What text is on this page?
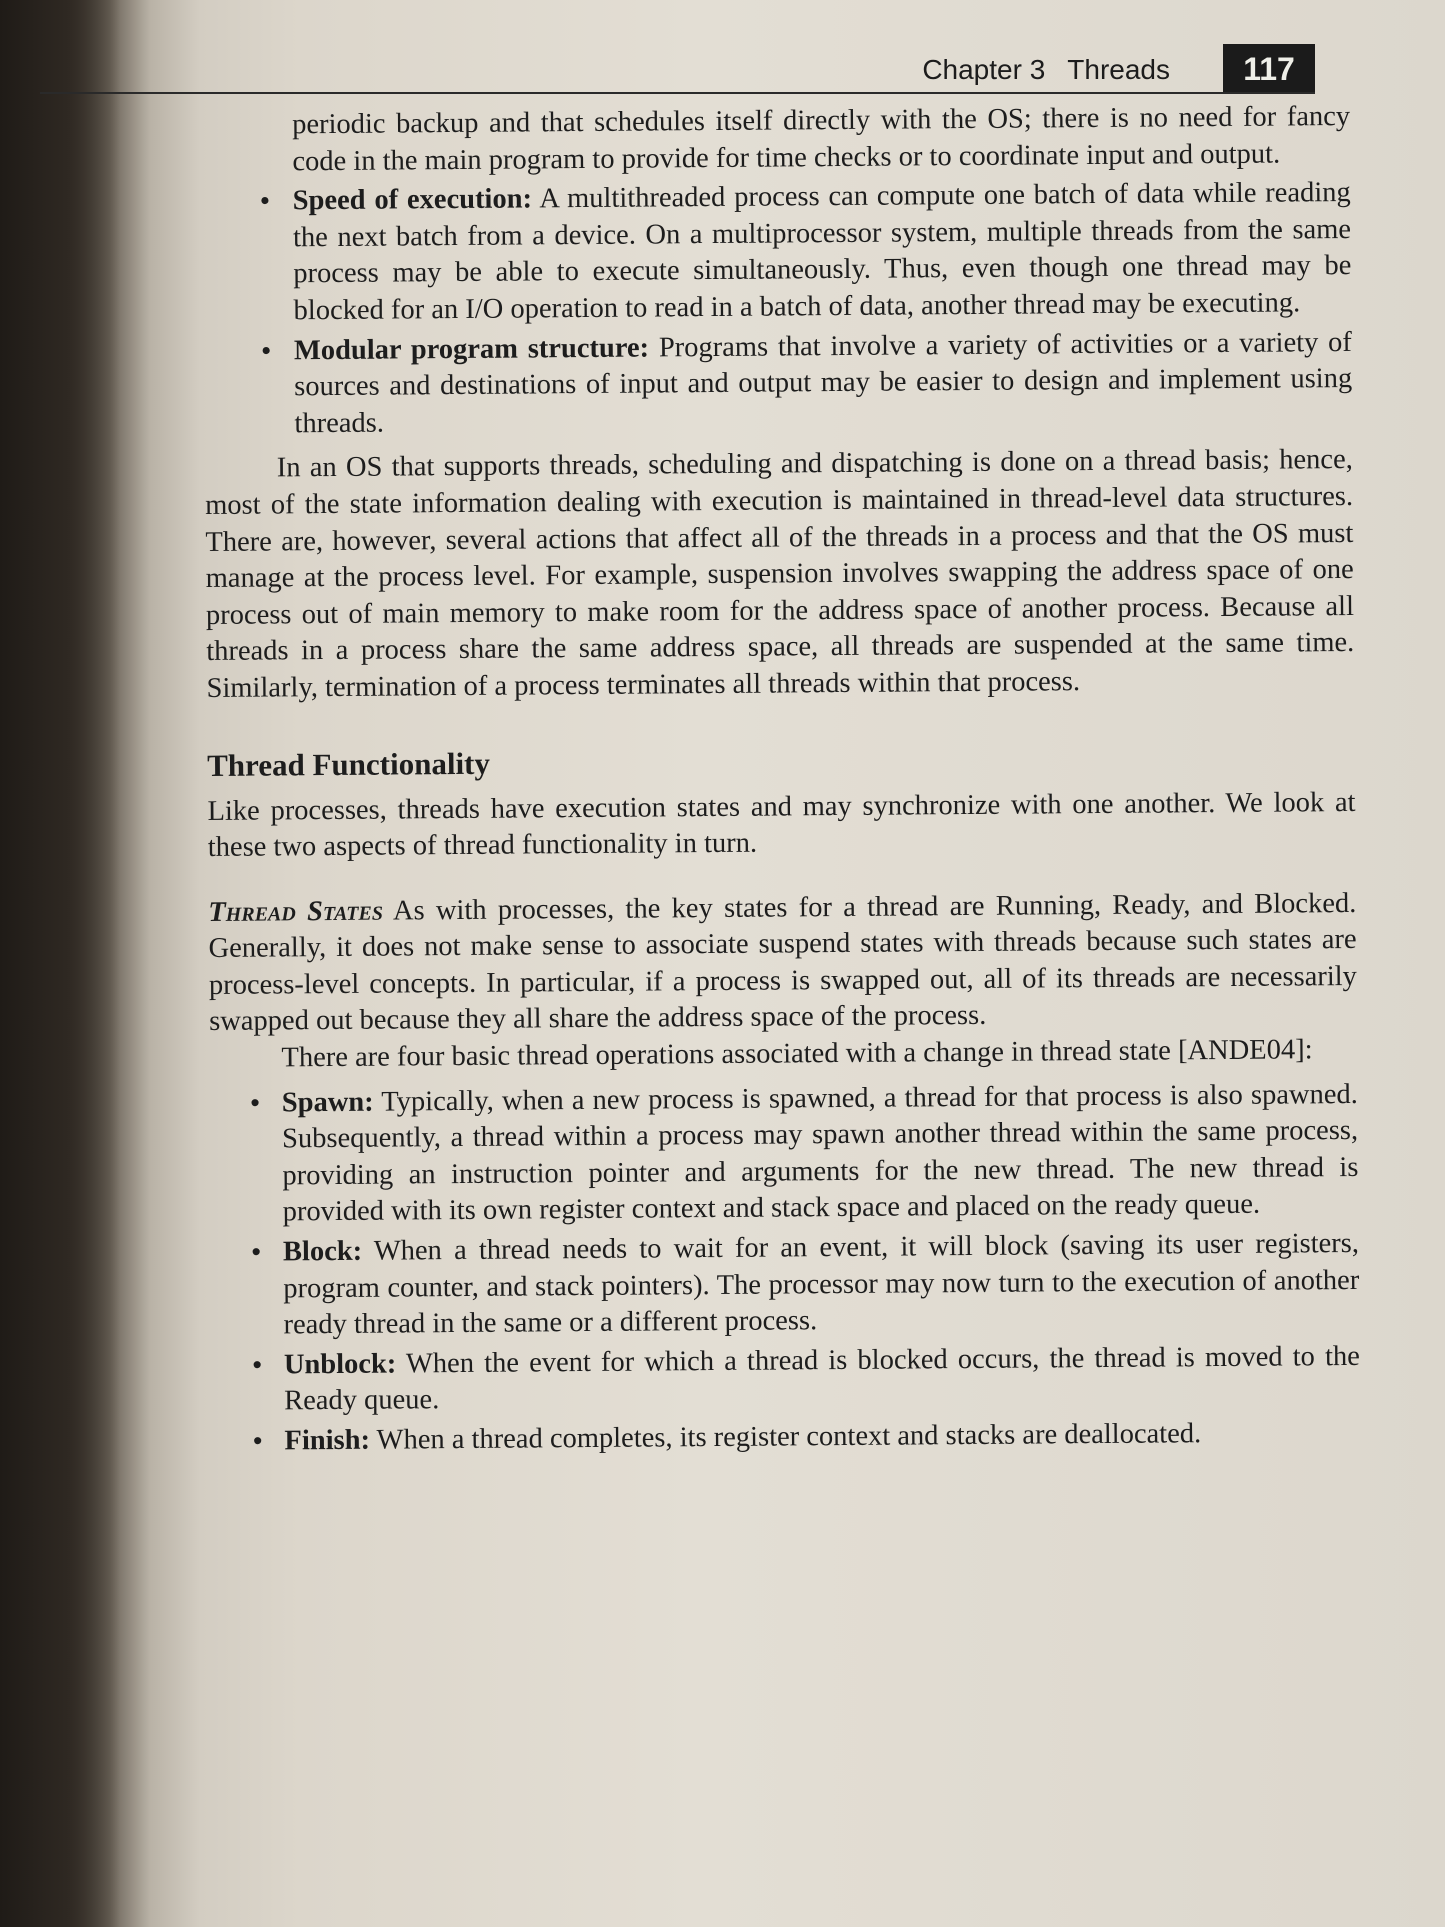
Chapter 3 Threads	117

periodic backup and that schedules itself directly with the OS; there is no need for fancy code in the main program to provide for time checks or to coordinate input and output.

• Speed of execution: A multithreaded process can compute one batch of data while reading the next batch from a device. On a multiprocessor system, multiple threads from the same process may be able to execute simultaneously. Thus, even though one thread may be blocked for an I/O operation to read in a batch of data, another thread may be executing.
• Modular program structure: Programs that involve a variety of activities or a variety of sources and destinations of input and output may be easier to design and implement using threads.

In an OS that supports threads, scheduling and dispatching is done on a thread basis; hence, most of the state information dealing with execution is maintained in thread-level data structures. There are, however, several actions that affect all of the threads in a process and that the OS must manage at the process level. For example, suspension involves swapping the address space of one process out of main memory to make room for the address space of another process. Because all threads in a process share the same address space, all threads are suspended at the same time. Similarly, termination of a process terminates all threads within that process.

Thread Functionality

Like processes, threads have execution states and may synchronize with one another. We look at these two aspects of thread functionality in turn.

Thread States As with processes, the key states for a thread are Running, Ready, and Blocked. Generally, it does not make sense to associate suspend states with threads because such states are process-level concepts. In particular, if a process is swapped out, all of its threads are necessarily swapped out because they all share the address space of the process.

There are four basic thread operations associated with a change in thread state [ANDE04]:

• Spawn: Typically, when a new process is spawned, a thread for that process is also spawned. Subsequently, a thread within a process may spawn another thread within the same process, providing an instruction pointer and arguments for the new thread. The new thread is provided with its own register context and stack space and placed on the ready queue.
• Block: When a thread needs to wait for an event, it will block (saving its user registers, program counter, and stack pointers). The processor may now turn to the execution of another ready thread in the same or a different process.
• Unblock: When the event for which a thread is blocked occurs, the thread is moved to the Ready queue.
• Finish: When a thread completes, its register context and stacks are deallocated.
